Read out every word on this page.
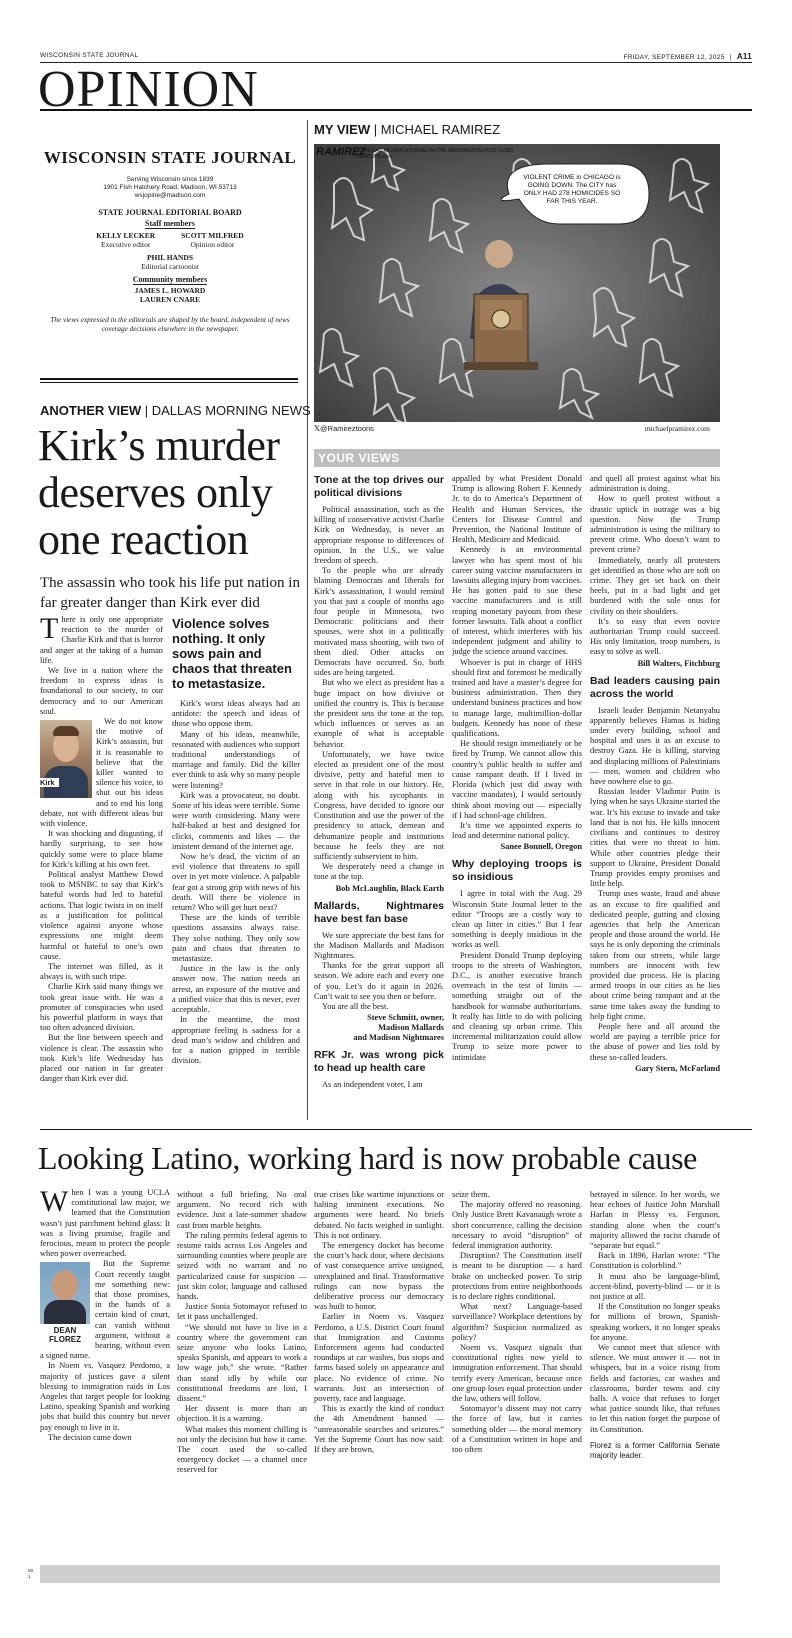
WISCONSIN STATE JOURNAL	FRIDAY, SEPTEMBER 12, 2025 | A11
OPINION
WISCONSIN STATE JOURNAL
Serving Wisconsin since 1839
1901 Fish Hatchery Road, Madison, WI 53713
wsjopine@madison.com
STATE JOURNAL EDITORIAL BOARD
Staff members
KELLY LECKER
Executive editor
SCOTT MILFRED
Opinion editor
PHIL HANDS
Editorial cartoonist
Community members
JAMES L. HOWARD
LAUREN CNARE
The views expressed in the editorials are shaped by the board, independent of news coverage decisions elsewhere in the newspaper.
ANOTHER VIEW | DALLAS MORNING NEWS
Kirk’s murder deserves only one reaction
The assassin who took his life put nation in far greater danger than Kirk ever did

There is only one appropriate reaction to the murder of Charlie Kirk and that is horror and anger at the taking of a human life.

We live in a nation where the freedom to express ideas is foundational to our society, to our democracy and to our American soul.

We do not know the motive of Kirk’s assassin, but it is reasonable to believe that the killer wanted to silence his voice, to shut out his ideas and to end his long debate, not with different ideas but with violence.

It was shocking and disgusting, if hardly surprising, to see how quickly some were to place blame for Kirk’s killing at his own feet.

Political analyst Matthew Dowd took to MSNBC to say that Kirk’s hateful words had led to hateful actions. That logic twists in on itself as a justification for political violence against anyone whose expressions one might deem harmful or hateful to one’s own cause.

The internet was filled, as it always is, with such tripe.

Charlie Kirk said many things we took great issue with. He was a promoter of conspiracies who used his powerful platform in ways that too often advanced division.

But the line between speech and violence is clear. The assassin who took Kirk’s life Wednesday has placed our nation in far greater danger than Kirk ever did.

Kirk
Violence solves nothing. It only sows pain and chaos that threaten to metastasize.

Kirk’s worst ideas always had an antidote: the speech and ideas of those who oppose them.

Many of his ideas, meanwhile, resonated with audiences who support traditional understandings of marriage and family. Did the killer ever think to ask why so many people were listening?

Kirk was a provocateur, no doubt. Some of his ideas were terrible. Some were worth considering. Many were half-baked at best and designed for clicks, comments and likes — the insistent demand of the internet age.

Now he’s dead, the victim of an evil violence that threatens to spill over in yet more violence. A palpable fear got a strong grip with news of his death. Will there be violence in return? Who will get hurt next?

These are the kinds of terrible questions assassins always raise. They solve nothing. They only sow pain and chaos that threaten to metastasize.

Justice in the law is the only answer now. The nation needs an arrest, an exposure of the motive and a unified voice that this is never, ever acceptable.

In the meantime, the most appropriate feeling is sadness for a dead man’s widow and children and for a nation gripped in terrible division.

MY VIEW | MICHAEL RAMIREZ
RAMIREZ
LAS VEGAS REVIEW-JOURNAL for THE WASHINGTON POST ©2025 CREATORS.com
VIOLENT CRIME in CHICAGO is GOING DOWN. The CITY has ONLY HAD 278 HOMICIDES SO FAR THIS YEAR.
𝕏@Ramireztoons	michaelpramirez.com
YOUR VIEWS
Tone at the top drives our political divisions

Political assassination, such as the killing of conservative activist Charlie Kirk on Wednesday, is never an appropriate response to differences of opinion. In the U.S., we value freedom of speech.

To the people who are already blaming Democrats and liberals for Kirk’s assassination, I would remind you that just a couple of months ago four people in Minnesota, two Democratic politicians and their spouses, were shot in a politically motivated mass shooting, with two of them died. Other attacks on Democrats have occurred. So, both sides are being targeted.

But who we elect as president has a huge impact on how divisive or unified the country is. This is because the president sets the tone at the top, which influences or serves as an example of what is acceptable behavior.

Unfortunately, we have twice elected as president one of the most divisive, petty and hateful men to serve in that role in our history. He, along with his sycophants in Congress, have decided to ignore our Constitution and use the power of the presidency to attack, demean and dehumanize people and institutions because he feels they are not sufficiently subservient to him.

We desperately need a change in tone at the top.

Bob McLaughlin, Black Earth
Mallards, Nightmares have best fan base

We sure appreciate the best fans for the Madison Mallards and Madison Nightmares.

Thanks for the great support all season. We adore each and every one of you. Let’s do it again in 2026. Can’t wait to see you then or before.

You are all the best.

Steve Schmitt, owner,
Madison Mallards
and Madison Nightmares
RFK Jr. was wrong pick to head up health care

As an independent voter, I am

appalled by what President Donald Trump is allowing Robert F. Kennedy Jr. to do to America’s Department of Health and Human Services, the Centers for Disease Control and Prevention, the National Institute of Health, Medicare and Medicaid.

Kennedy is an environmental lawyer who has spent most of his career suing vaccine manufacturers in lawsuits alleging injury from vaccines. He has gotten paid to sue these vaccine manufacturers and is still reaping monetary payouts from these former lawsuits. Talk about a conflict of interest, which interferes with his independent judgment and ability to judge the science around vaccines.

Whoever is put in charge of HHS should first and foremost be medically trained and have a master’s degree for business administration. Then they understand business practices and how to manage large, multimillion-dollar budgets. Kennedy has none of these qualifications.

He should resign immediately or be fired by Trump. We cannot allow this country’s public health to suffer and cause rampant death. If I lived in Florida (which just did away with vaccine mandates), I would seriously think about moving out — especially if I had school-age children.

It’s time we appointed experts to lead and determine national policy.

Sanee Bonnell, Oregon
Why deploying troops is so insidious

I agree in total with the Aug. 29 Wisconsin State Journal letter to the editor “Troops are a costly way to clean up litter in cities.” But I fear something is deeply insidious in the works as well.

President Donald Trump deploying troops to the streets of Washington, D.C., is another executive branch overreach in the test of limits — something straight out of the handbook for wannabe authoritarians. It really has little to do with policing and cleaning up urban crime. This incremental militarization could allow Trump to seize more power to intimidate

and quell all protest against what his administration is doing.

How to quell protest without a drastic uptick in outrage was a big question. Now the Trump administration is using the military to prevent crime. Who doesn’t want to prevent crime?

Immediately, nearly all protesters get identified as those who are soft on crime. They get set back on their heels, put in a bad light and get burdened with the sole onus for civility on their shoulders.

It’s so easy that even novice authoritarian Trump could succeed. His only limitation, troop numbers, is easy to solve as well.

Bill Walters, Fitchburg
Bad leaders causing pain across the world

Israeli leader Benjamin Netanyahu apparently believes Hamas is hiding under every building, school and hospital and uses it as an excuse to destroy Gaza. He is killing, starving and displacing millions of Palestinians — men, women and children who have nowhere else to go.

Russian leader Vladimir Putin is lying when he says Ukraine started the war. It’s his excuse to invade and take land that is not his. He kills innocent civilians and continues to destroy cities that were no threat to him. While other countries pledge their support to Ukraine, President Donald Trump provides empty promises and little help.

Trump uses waste, fraud and abuse as an excuse to fire qualified and dedicated people, gutting and closing agencies that help the American people and those around the world. He says he is only deporting the criminals taken from our streets, while large numbers are innocent with few provided due process. He is placing armed troops in our cities as he lies about crime being rampant and at the same time takes away the funding to help fight crime.

People here and all around the world are paying a terrible price for the abuse of power and lies told by these so-called leaders.

Gary Stern, McFarland
Looking Latino, working hard is now probable cause

When I was a young UCLA constitutional law major, we learned that the Constitution wasn’t just parchment behind glass: It was a living promise, fragile and ferocious, meant to protect the people when power overreached.

DEAN
FLOREZ

But the Supreme Court recently taught me something new: that those promises, in the hands of a certain kind of court, can vanish without argument, without a hearing, without even a signed name.

In Noem vs. Vasquez Perdomo, a majority of justices gave a silent blessing to immigration raids in Los Angeles that target people for looking Latino, speaking Spanish and working jobs that build this country but never pay enough to live in it.

The decision came down

without a full briefing. No oral argument. No record rich with evidence. Just a late-summer shadow cast from marble heights.

The ruling permits federal agents to resume raids across Los Angeles and surrounding counties where people are seized with no warrant and no particularized cause for suspicion — just skin color, language and callused hands.

Justice Sonia Sotomayor refused to let it pass unchallenged.

“We should not have to live in a country where the government can seize anyone who looks Latino, speaks Spanish, and appears to work a low wage job,” she wrote. “Rather than stand idly by while our constitutional freedoms are lost, I dissent.”

Her dissent is more than an objection. It is a warning.

What makes this moment chilling is not only the decision but how it came. The court used the so-called emergency docket — a channel once reserved for

true crises like wartime injunctions or halting imminent executions. No arguments were heard. No briefs debated. No facts weighed in sunlight. This is not ordinary.

The emergency docket has become the court’s back door, where decisions of vast consequence arrive unsigned, unexplained and final. Transformative rulings can now bypass the deliberative process our democracy was built to honor.

Earlier in Noem vs. Vasquez Perdomo, a U.S. District Court found that Immigration and Customs Enforcement agents had conducted roundups at car washes, bus stops and farms based solely on appearance and place. No evidence of crime. No warrants. Just an intersection of poverty, race and language.

This is exactly the kind of conduct the 4th Amendment banned — “unreasonable searches and seizures.” Yet the Supreme Court has now said: If they are brown,

seize them.

The majority offered no reasoning. Only Justice Brett Kavanaugh wrote a short concurrence, calling the decision necessary to avoid “disruption” of federal immigration authority.

Disruption? The Constitution itself is meant to be disruption — a hard brake on unchecked power. To strip protections from entire neighborhoods is to declare rights conditional.

What next? Language-based surveillance? Workplace detentions by algorithm? Suspicion normalized as policy?

Noem vs. Vasquez signals that constitutional rights now yield to immigration enforcement. That should terrify every American, because once one group loses equal protection under the law, others will follow.

Sotomayor’s dissent may not carry the force of law, but it carries something older — the moral memory of a Constitution written in hope and too often

betrayed in silence. In her words, we hear echoes of Justice John Marshall Harlan in Plessy vs. Ferguson, standing alone when the court’s majority allowed the racist charade of “separate but equal.”

Back in 1896, Harlan wrote: “The Constitution is colorblind.”

It must also be language-blind, accent-blind, poverty-blind — or it is not justice at all.

If the Constitution no longer speaks for millions of brown, Spanish-speaking workers, it no longer speaks for anyone.

We cannot meet that silence with silence. We must answer it — not in whispers, but in a voice rising from fields and factories, car washes and classrooms, border towns and city halls. A voice that refuses to forget what justice sounds like, that refuses to let this nation forget the purpose of its Constitution.

Florez is a former California Senate majority leader.

00 1
